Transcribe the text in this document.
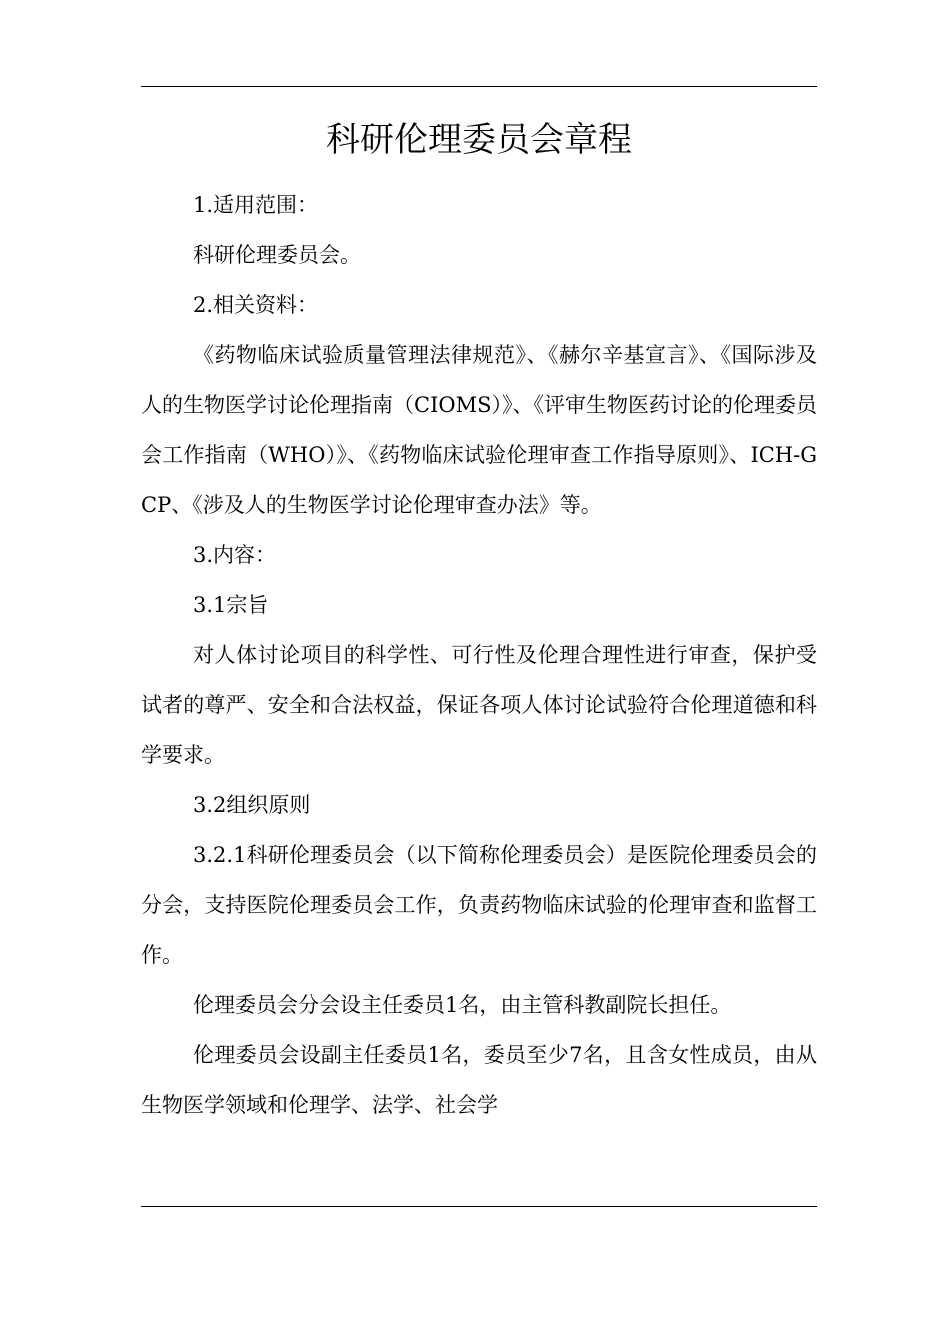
科研伦理委员会章程

1.适用范围：

科研伦理委员会。

2.相关资料：

《药物临床试验质量管理法律规范》、《赫尔辛基宣言》、《国际涉及人的生物医学讨论伦理指南（CIOMS）》、《评审生物医药讨论的伦理委员会工作指南（WHO）》、《药物临床试验伦理审查工作指导原则》、ICH-GCP、《涉及人的生物医学讨论伦理审查办法》等。

3.内容：

3.1宗旨

对人体讨论项目的科学性、可行性及伦理合理性进行审查，保护受试者的尊严、安全和合法权益，保证各项人体讨论试验符合伦理道德和科学要求。

3.2组织原则

3.2.1科研伦理委员会（以下简称伦理委员会）是医院伦理委员会的分会，支持医院伦理委员会工作，负责药物临床试验的伦理审查和监督工作。

伦理委员会分会设主任委员1名，由主管科教副院长担任。

伦理委员会设副主任委员1名，委员至少7名，且含女性成员，由从生物医学领域和伦理学、法学、社会学
